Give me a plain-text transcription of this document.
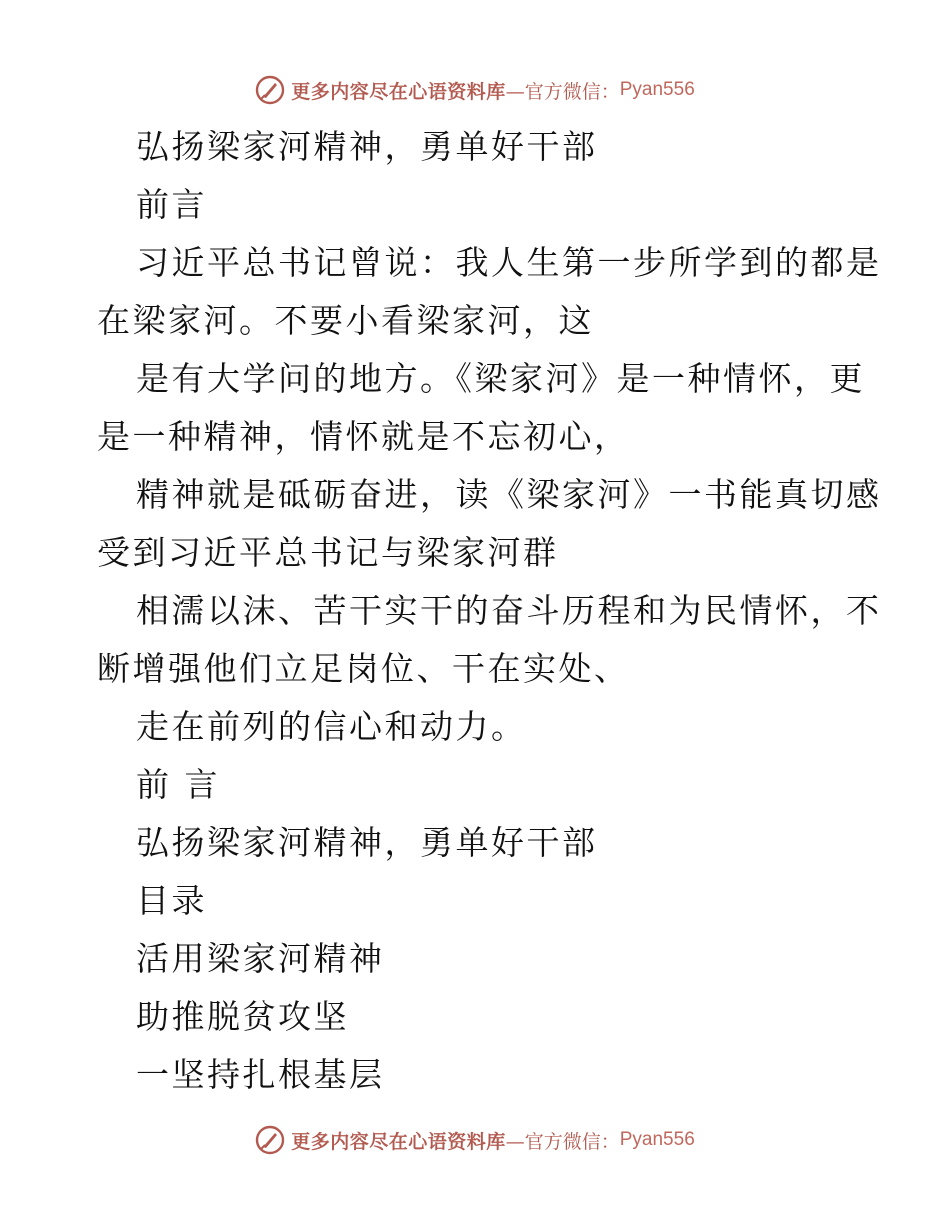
更多内容尽在心语资料库 —官方微信： Pyan556
弘扬梁家河精神，勇单好干部
前言
习近平总书记曾说：我人生第一步所学到的都是
在梁家河。不要小看梁家河，这
是有大学问的地方。《梁家河》是一种情怀，更
是一种精神，情怀就是不忘初心，
精神就是砥砺奋进，读《梁家河》一书能真切感
受到习近平总书记与梁家河群
相濡以沫、苦干实干的奋斗历程和为民情怀，不
断增强他们立足岗位、干在实处、
走在前列的信心和动力。
前 言
弘扬梁家河精神，勇单好干部
目录
活用梁家河精神
助推脱贫攻坚
一坚持扎根基层
更多内容尽在心语资料库 —官方微信： Pyan556
